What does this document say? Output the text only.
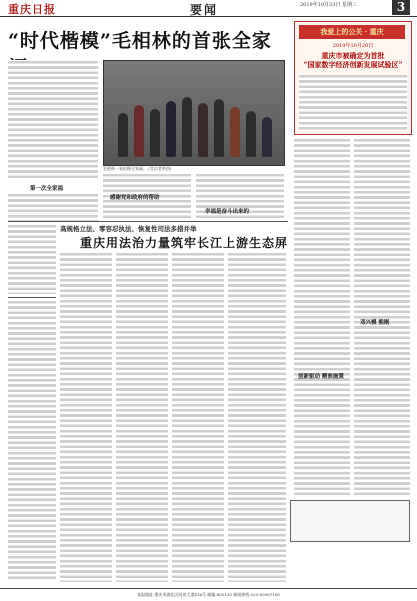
重庆日报	要闻	2019年10月23日 星期三	3
“时代楷模”毛相林的首张全家
第一次全家福
毛相林一家拍摄全家福。 (受访者供图)
感谢党和政府的帮助
幸福是奋斗出来的
我爱上的公关 · 重庆
2019年10月20日
重庆市被确定为首批
“国家数字经济创新发展试验区”
邓兴模 熊刚
创新驱动 精准施策
高规格立法、零容忍执法、恢复性司法多措并举
重庆用法治力量筑牢长江上游生态屏
本报地址:重庆市渝北区同茂大道416号 邮编:401120 新闻热线:023-63907100
